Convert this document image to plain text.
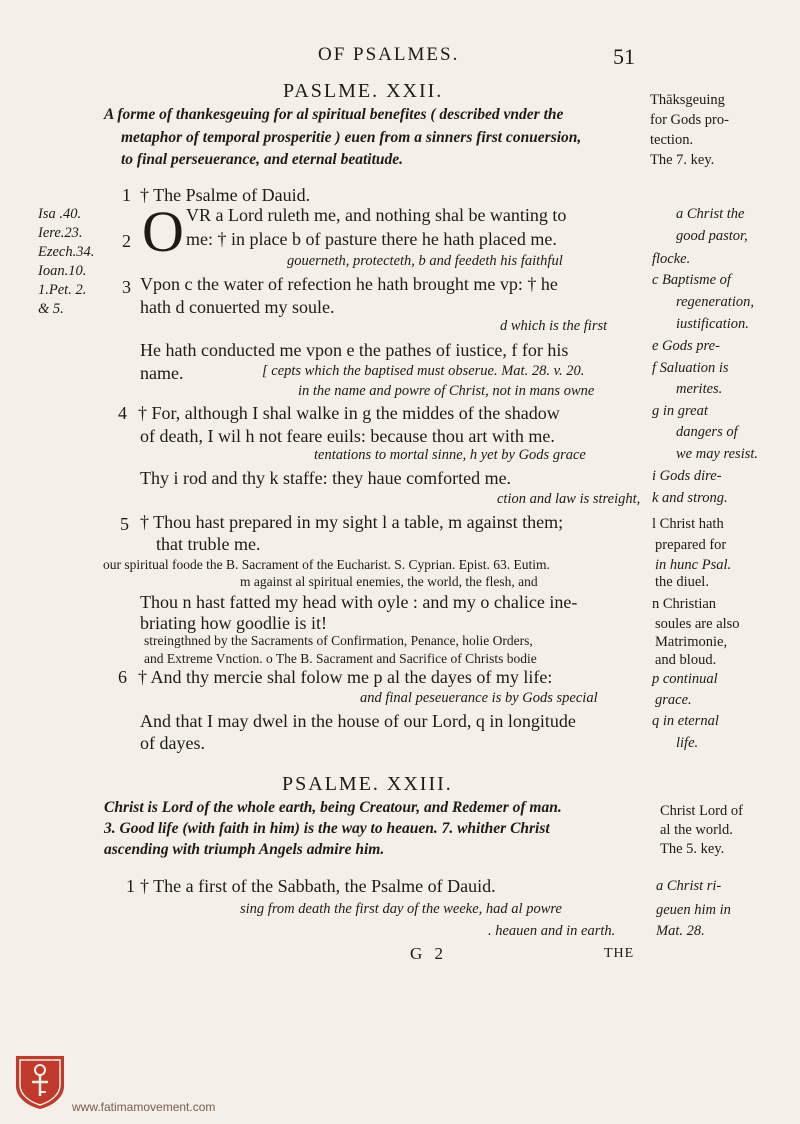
OF PSALMES.	51
PASLME. XXII.
A forme of thankesgeuing for al spiritual benefites ( described vnder the
metaphor of temporal prosperitie ) euen from a sinners first conuersion,
to final perseuerance, and eternal beatitude.
Thāksgeuing
for Gods pro-
tection.
The 7. key.
Isa .40.
Iere.23.
Ezech.34.
Ioan.10.
1.Pet. 2.
& 5.
1
2
3
4
5
6
† The Psalme of Dauid.
O VR a Lord ruleth me, and nothing shal be wanting to
me: † in place b of pasture there he hath placed me.
gouerneth, protecteth, b and feedeth his faithful
Vpon c the water of refection he hath brought me vp: † he
hath d conuerted my soule.
d which is the first
He hath conducted me vpon e the pathes of iustice, f for his
name.	[ cepts which the baptised must obserue. Mat. 28. v. 20.
in the name and powre of Christ, not in mans owne
† For, although I shal walke in g the middes of the shadow
of death, I wil h not feare euils: because thou art with me.
tentations to mortal sinne, h yet by Gods grace
Thy i rod and thy k staffe: they haue comforted me.
ction and law is streight,
† Thou hast prepared in my sight l a table, m against them;
that truble me.
our spiritual foode the B. Sacrament of the Eucharist. S. Cyprian. Epist. 63. Eutim.
m against al spiritual enemies, the world, the flesh, and
Thou n hast fatted my head with oyle : and my o chalice ine-
briating how goodlie is it!
streingthned by the Sacraments of Confirmation, Penance, holie Orders,
and Extreme Vnction. o The B. Sacrament and Sacrifice of Christs bodie
† And thy mercie shal folow me p al the dayes of my life:
and final peseuerance is by Gods special
And that I may dwel in the house of our Lord, q in longitude
of dayes.
a Christ the
good pastor,
flocke.
c Baptisme of
regeneration,
iustification.
e Gods pre-
f Saluation is
merites.
g in great
dangers of
we may resist.
i Gods dire-
k and strong.
l Christ hath
prepared for
in hunc Psal.
the diuel.
n Christian
soules are also
Matrimonie,
and bloud.
p continual
grace.
q in eternal
life.
PSALME. XXIII.
Christ is Lord of the whole earth, being Creatour, and Redemer of man.
3. Good life (with faith in him) is the way to heauen. 7. whither Christ
ascending with triumph Angels admire him.
Christ Lord of
al the world.
The 5. key.
1 † The a first of the Sabbath, the Psalme of Dauid.
sing from death the first day of the weeke, had al powre
. heauen and in earth.
a Christ ri-
geuen him in
Mat. 28.
G 2	THE
www.fatimamovement.com
